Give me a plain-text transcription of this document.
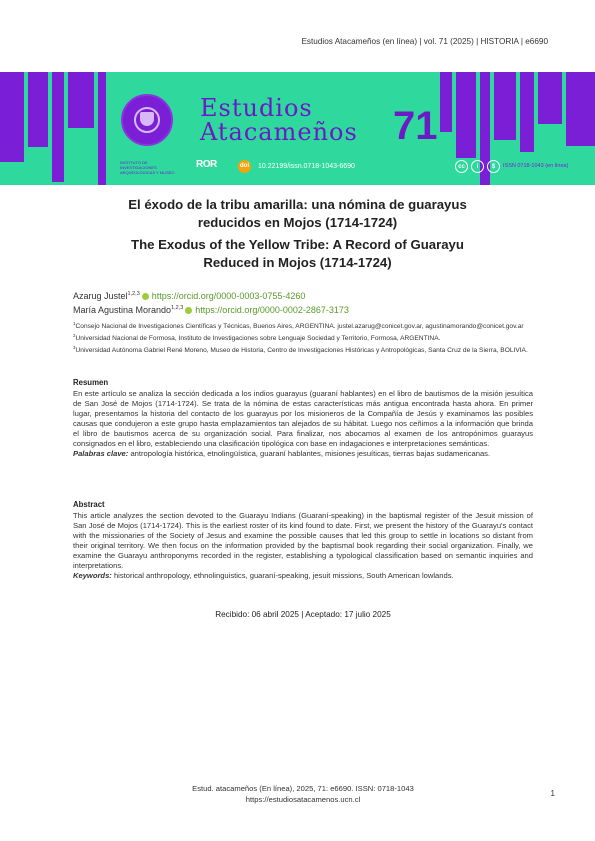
Estudios Atacameños (en línea) | vol. 71 (2025) | HISTORIA | e6690
Estudios
Atacameños 71
INSTITUTO DE INVESTIGACIONES ARQUEOLÓGICAS Y MUSEO
ROR	doi 10.22199/issn.0718-1043-6690	cc	i	$	ISSN 0718-1043 (en línea)
El éxodo de la tribu amarilla: una nómina de guarayus
reducidos en Mojos (1714-1724)
The Exodus of the Yellow Tribe: A Record of Guarayu
Reduced in Mojos (1714-1724)
Azarug Justel$^{1,2,3}$ https://orcid.org/0000-0003-0755-4260
María Agustina Morando$^{1,2,3}$ https://orcid.org/0000-0002-2867-3173
$^1$Consejo Nacional de Investigaciones Científicas y Técnicas, Buenos Aires, ARGENTINA. justel.azarug@conicet.gov.ar, agustinamorando@conicet.gov.ar
$^2$Universidad Nacional de Formosa, Instituto de Investigaciones sobre Lenguaje Sociedad y Territorio, Formosa, ARGENTINA.
$^3$Universidad Autónoma Gabriel René Moreno, Museo de Historia, Centro de Investigaciones Históricas y Antropológicas, Santa Cruz de la Sierra, BOLIVIA.
Resumen
En este artículo se analiza la sección dedicada a los indios guarayus (guaraní hablantes) en el libro de bautismos de la misión jesuítica de San José de Mojos (1714-1724). Se trata de la nómina de estas características más antigua encontrada hasta ahora. En primer lugar, presentamos la historia del contacto de los guarayus por los misioneros de la Compañía de Jesús y examinamos las posibles causas que condujeron a este grupo hasta emplazamientos tan alejados de su hábitat. Luego nos ceñimos a la información que brinda el libro de bautismos acerca de su organización social. Para finalizar, nos abocamos al examen de los antropónimos guarayus consignados en el libro, estableciendo una clasificación tipológica con base en indagaciones e interpretaciones semánticas.
Palabras clave: antropología histórica, etnolingüística, guaraní hablantes, misiones jesuíticas, tierras bajas sudamericanas.
Abstract
This article analyzes the section devoted to the Guarayu Indians (Guaraní-speaking) in the baptismal register of the Jesuit mission of San José de Mojos (1714-1724). This is the earliest roster of its kind found to date. First, we present the history of the Guarayu's contact with the missionaries of the Society of Jesus and examine the possible causes that led this group to settle in locations so distant from their original territory. We then focus on the information provided by the baptismal book regarding their social organization. Finally, we examine the Guarayu anthroponyms recorded in the register, establishing a typological classification based on semantic inquiries and interpretations.
Keywords: historical anthropology, ethnolinguistics, guaraní-speaking, jesuit missions, South American lowlands.
Recibido: 06 abril 2025 | Aceptado: 17 julio 2025
Estud. atacameños (En línea), 2025, 71: e6690. ISSN: 0718-1043
https://estudiosatacamenos.ucn.cl
1
